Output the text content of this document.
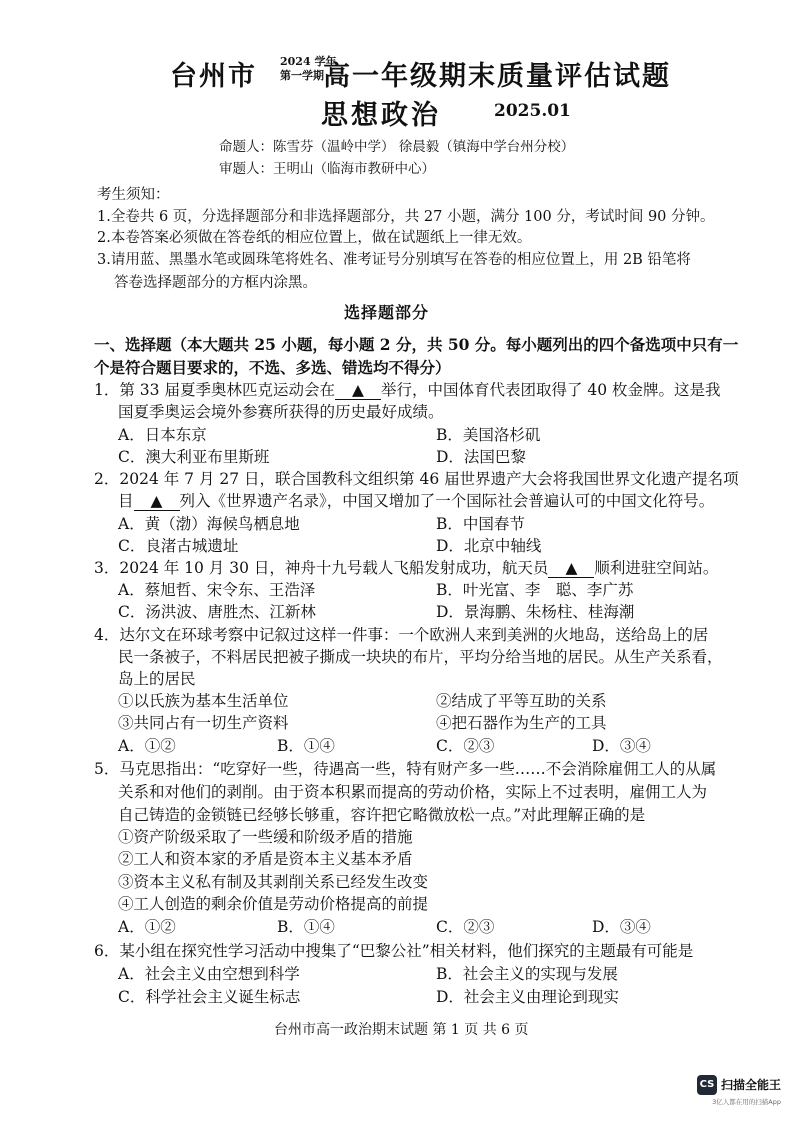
台州市 2024 学年
第一学期 高一年级期末质量评估试题
思想政治	2025.01
命题人：陈雪芬（温岭中学） 徐晨毅（镇海中学台州分校）
审题人：王明山（临海市教研中心）
考生须知：
1.全卷共 6 页，分选择题部分和非选择题部分，共 27 小题，满分 100 分，考试时间 90 分钟。
2.本卷答案必须做在答卷纸的相应位置上，做在试题纸上一律无效。
3.请用蓝、黑墨水笔或圆珠笔将姓名、准考证号分别填写在答卷的相应位置上，用 2B 铅笔将
答卷选择题部分的方框内涂黑。
选择题部分
一、选择题（本大题共 25 小题，每小题 2 分，共 50 分。每小题列出的四个备选项中只有一
个是符合题目要求的，不选、多选、错选均不得分）
1．第 33 届夏季奥林匹克运动会在 ▲ 举行，中国体育代表团取得了 40 枚金牌。这是我
国夏季奥运会境外参赛所获得的历史最好成绩。
A．日本东京	B．美国洛杉矶
C．澳大利亚布里斯班	D．法国巴黎
2．2024 年 7 月 27 日，联合国教科文组织第 46 届世界遗产大会将我国世界文化遗产提名项
目 ▲ 列入《世界遗产名录》，中国又增加了一个国际社会普遍认可的中国文化符号。
A．黄（渤）海候鸟栖息地	B．中国春节
C．良渚古城遗址	D．北京中轴线
3．2024 年 10 月 30 日，神舟十九号载人飞船发射成功，航天员 ▲ 顺利进驻空间站。
A．蔡旭哲、宋令东、王浩泽	B．叶光富、李　聪、李广苏
C．汤洪波、唐胜杰、江新林	D．景海鹏、朱杨柱、桂海潮
4．达尔文在环球考察中记叙过这样一件事：一个欧洲人来到美洲的火地岛，送给岛上的居
民一条被子，不料居民把被子撕成一块块的布片，平均分给当地的居民。从生产关系看，
岛上的居民
①以氏族为基本生活单位	②结成了平等互助的关系
③共同占有一切生产资料	④把石器作为生产的工具
A．①②	B．①④	C．②③	D．③④
5．马克思指出：“吃穿好一些，待遇高一些，特有财产多一些……不会消除雇佣工人的从属
关系和对他们的剥削。由于资本积累而提高的劳动价格，实际上不过表明，雇佣工人为
自己铸造的金锁链已经够长够重，容许把它略微放松一点。”对此理解正确的是
①资产阶级采取了一些缓和阶级矛盾的措施
②工人和资本家的矛盾是资本主义基本矛盾
③资本主义私有制及其剥削关系已经发生改变
④工人创造的剩余价值是劳动价格提高的前提
A．①②	B．①④	C．②③	D．③④
6．某小组在探究性学习活动中搜集了“巴黎公社”相关材料，他们探究的主题最有可能是
A．社会主义由空想到科学	B．社会主义的实现与发展
C．科学社会主义诞生标志	D．社会主义由理论到现实
台州市高一政治期末试题 第 1 页 共 6 页
CS 扫描全能王
3亿人都在用的扫描App
